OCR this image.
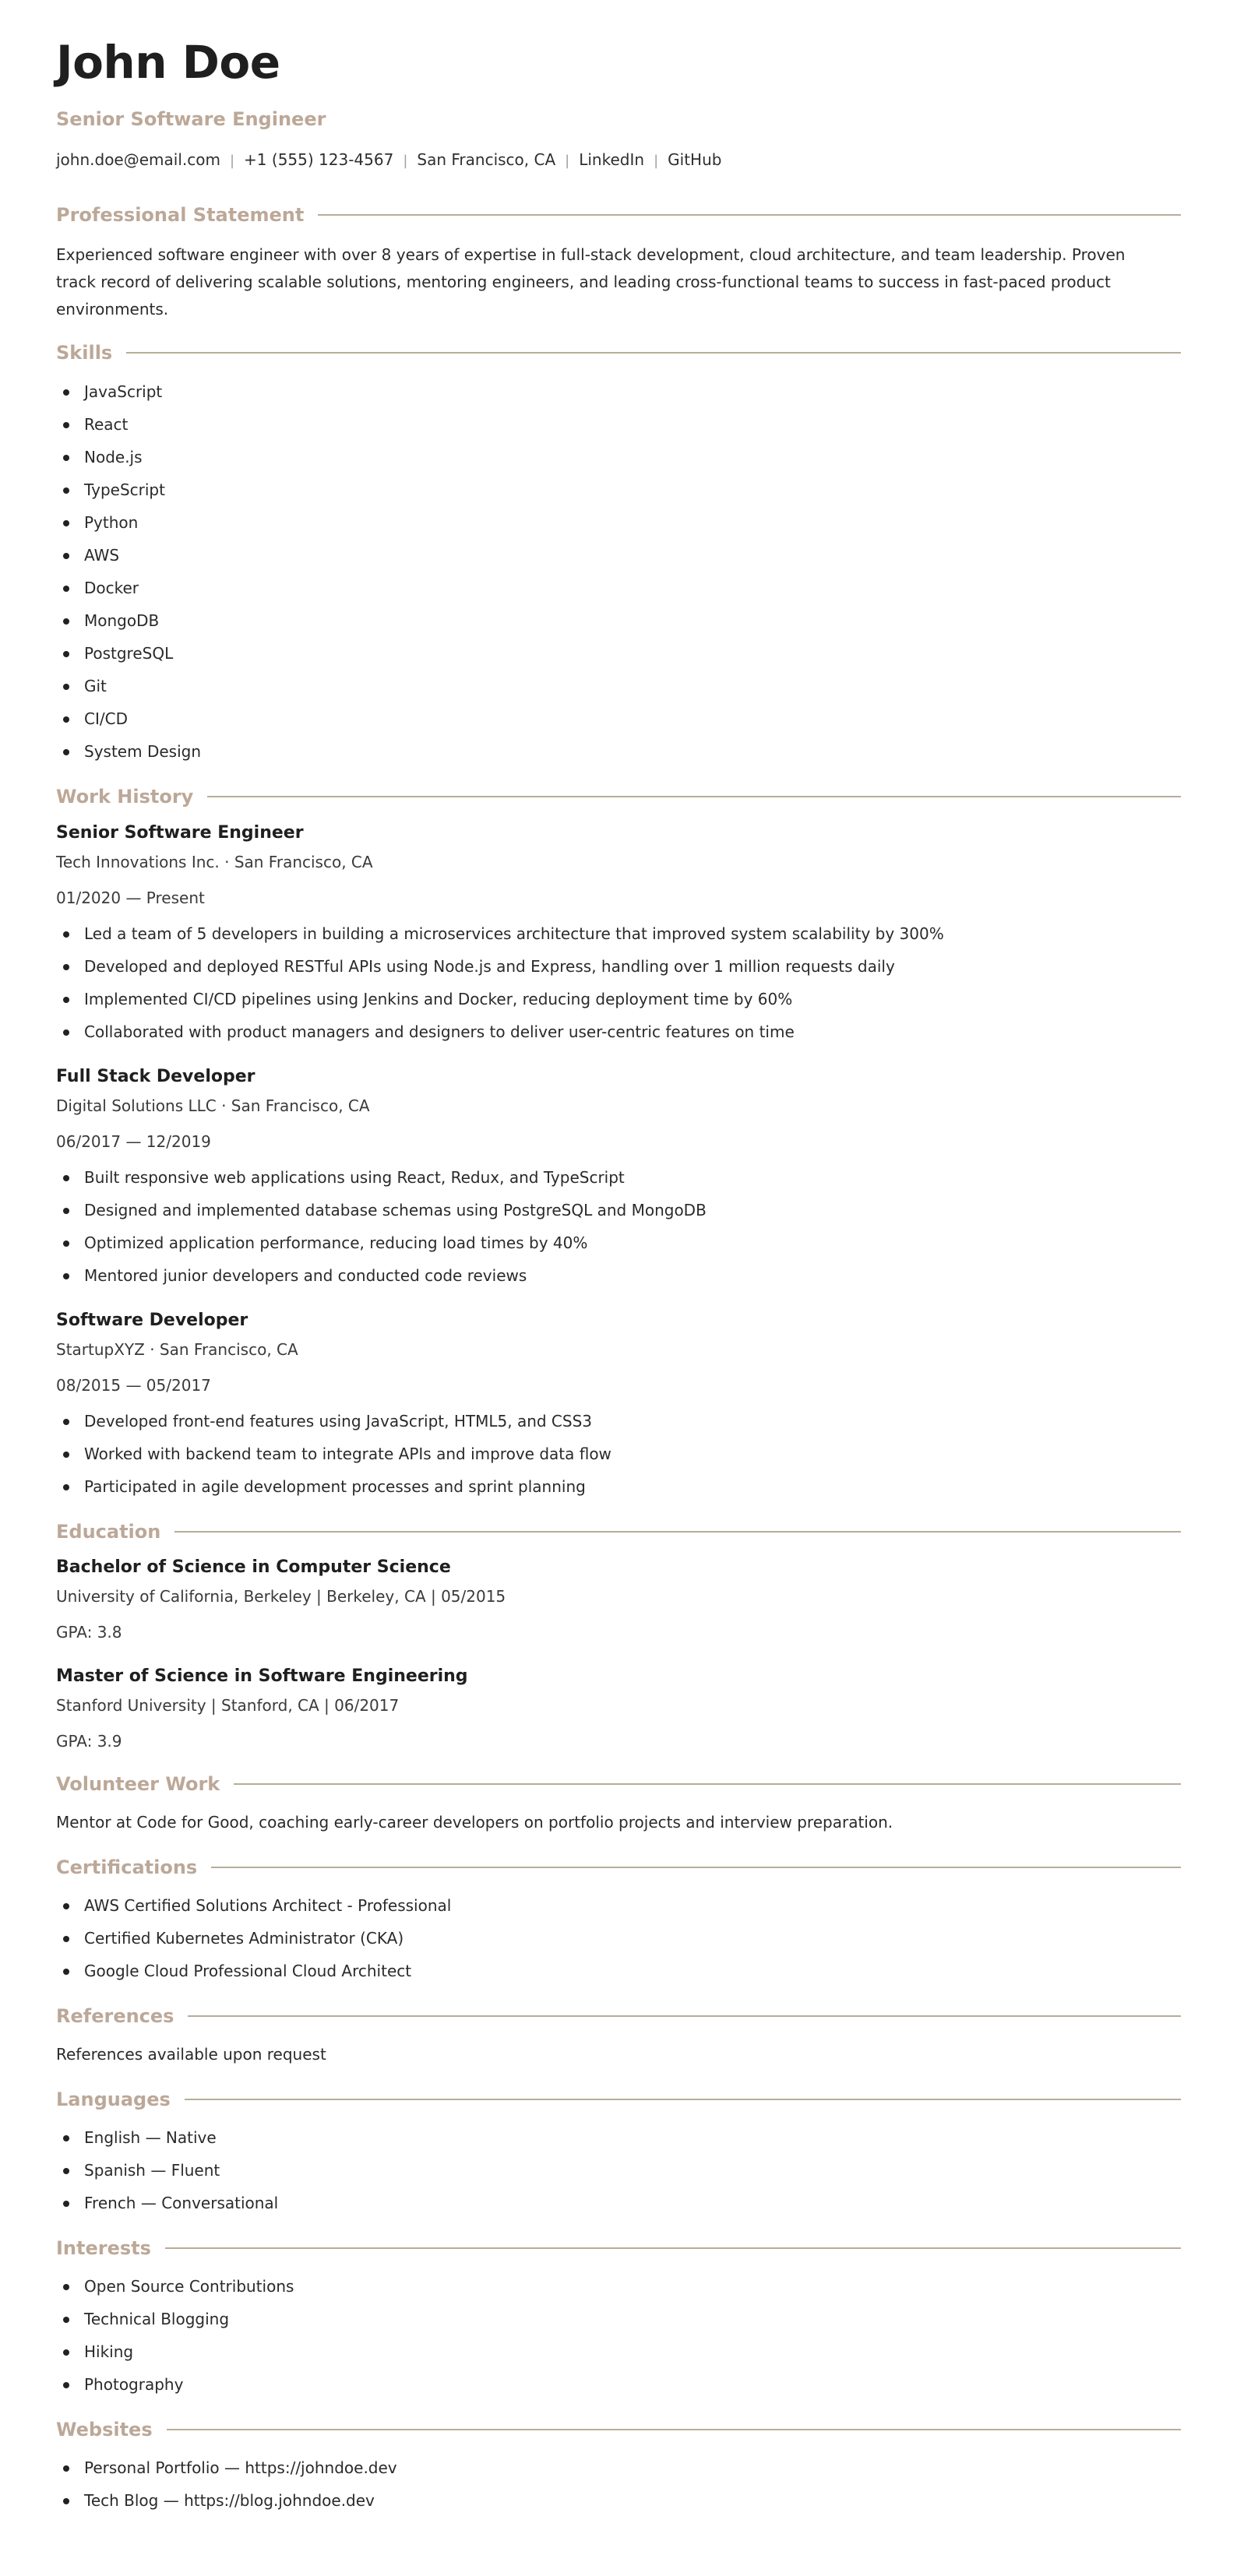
John Doe
Senior Software Engineer
john.doe@email.com | +1 (555) 123-4567 | San Francisco, CA | LinkedIn | GitHub
Professional Statement

Experienced software engineer with over 8 years of expertise in full-stack development, cloud architecture, and team leadership. Proven track record of delivering scalable solutions, mentoring engineers, and leading cross-functional teams to success in fast-paced product environments.

Skills
JavaScript
React
Node.js
TypeScript
Python
AWS
Docker
MongoDB
PostgreSQL
Git
CI/CD
System Design
Work History
Senior Software Engineer
Tech Innovations Inc. · San Francisco, CA
01/2020 — Present
Led a team of 5 developers in building a microservices architecture that improved system scalability by 300%
Developed and deployed RESTful APIs using Node.js and Express, handling over 1 million requests daily
Implemented CI/CD pipelines using Jenkins and Docker, reducing deployment time by 60%
Collaborated with product managers and designers to deliver user-centric features on time
Full Stack Developer
Digital Solutions LLC · San Francisco, CA
06/2017 — 12/2019
Built responsive web applications using React, Redux, and TypeScript
Designed and implemented database schemas using PostgreSQL and MongoDB
Optimized application performance, reducing load times by 40%
Mentored junior developers and conducted code reviews
Software Developer
StartupXYZ · San Francisco, CA
08/2015 — 05/2017
Developed front-end features using JavaScript, HTML5, and CSS3
Worked with backend team to integrate APIs and improve data flow
Participated in agile development processes and sprint planning
Education
Bachelor of Science in Computer Science
University of California, Berkeley | Berkeley, CA | 05/2015
GPA: 3.8
Master of Science in Software Engineering
Stanford University | Stanford, CA | 06/2017
GPA: 3.9
Volunteer Work

Mentor at Code for Good, coaching early-career developers on portfolio projects and interview preparation.

Certifications
AWS Certified Solutions Architect - Professional
Certified Kubernetes Administrator (CKA)
Google Cloud Professional Cloud Architect
References

References available upon request

Languages
English — Native
Spanish — Fluent
French — Conversational
Interests
Open Source Contributions
Technical Blogging
Hiking
Photography
Websites
Personal Portfolio — https://johndoe.dev
Tech Blog — https://blog.johndoe.dev
